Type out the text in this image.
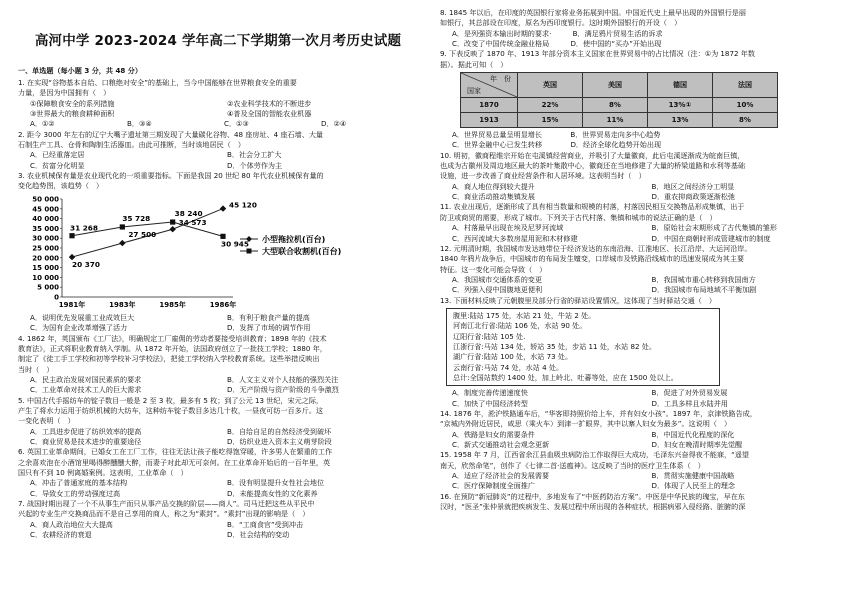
高河中学 2023-2024 学年高二下学期第一次月考历史试题
一、单选题（每小题 3 分，共 48 分）

1. 在实现“谷物基本自给、口粮绝对安全”的基础上，当今中国能够在世界粮食安全的重要

力量，是因为中国拥有（　）

①保障粮食安全的系列措施	②农业科学技术的不断进步
③世界最大的粮食耕种面积	④普及全国的智能农业机器
A．①②	B．③④	C．①③	D．②④

2. 距今 3000 年左右的辽宁大嘴子遗址第三期发现了大量碳化谷物、48 座房址、4 座石墙、大量

石制生产工具、仓骨和陶制生活器皿。由此可推断，当时该地居民（　）

A．已经重落定居	B．社会分工扩大
C．贫富分化明显	D．个体劳作为主

3. 农业机械保有量是农业现代化的一项重要指标。下面是我国 20 世纪 80 年代农业机械保有量的

变化趋势图，该趋势（　）

50 000
45 000
40 000
35 000
30 000
25 000
20 000
15 000
10 000
5 000
0
1981年	1983年	1985年	1986年
20 370
27 500
34 573
45 120
小型拖拉机(百台)
31 268
35 728
38 240
30 945
大型联合收割机(百台)
A．说明优先发展重工业成效巨大	B．有利于粮食产量的提高
C．为国有企业改革增强了活力	D．发挥了市场的调节作用

4. 1862 年，英国颁布《工厂法》，明确规定工厂雇佣的劳动者要接受培训教育；1898 年的《技术

教育法》，正式将职业教育纳入学制。从 1872 年开始，法国政府创立了一批技工学校；1880 年，

制定了《徒工手工学校和初等学校补习学校法》，把徒工学校纳入学校教育系统。这些举措反映出

当时（　）

A．民主政治发展对国民素质的要求	B．人文主义对个人技能的强烈关注
C．工业革命对技术工人的巨大需求	D．无产阶级与资产阶级的斗争激烈

5. 中国古代手摇纺车的锭子数目一般是 2 至 3 枚，最多有 5 枚；到了公元 13 世纪，宋元之际，

产生了将水力运用于纺织机械的大纺车，这种纺车锭子数目多达几十枚，一昼夜可纺一百多斤。这

一变化表明（　）

A．工具进步促进了纺织效率的提高	B．自给自足的自然经济受到破坏
C．商业贸易是技术进步的重要途径	D．纺织业进入资本主义萌芽阶段

6. 英国工业革命期间，已婚女工在工厂工作，往往无法让孩子能吃得饱穿暖，许多男人在繁重的工作

之余喜欢泡在小酒馆里喝得醉醺醺大醉，而妻子对此却无可奈何。在工业革命开始后的一百年里，英

国只有不到 10 例离婚案例。这表明，工业革命（　）

A．冲击了普通家庭的基本结构	B．没有明显提升女性社会地位
C．导致女工的劳动强度过高	D．未能提高女性的文化素养

7. 战国时期出现了一个不从事生产而只从事产品交换的阶层——商人”。司马迁把这些从平民中

兴起的专业生产交换商品而不是自己享用的商人，称之为“素封”。“素封”出现的影响是（　）

A．商人政治地位大大提高	B．“工商食官”受到冲击
C．农耕经济的衰退	D．社会结构的变动

8. 1845 年以后，在印度的英国银行家将业务拓展到中国。中国近代史上最早出现的外国银行是丽

如银行，其总部设在印度，原名为西印度银行。这时期外国银行的开设（　）

A．是列强资本输出时期的要求·　　　B．满足鸦片贸易生活的诉求
C．改变了中国传统金融业格局　　　D．使中国的“买办”开始出现

9. 下表反映了 1870 年、1913 年部分资本主义国家在世界贸易中的占比情况（注：①为 1872 年数

据）。据此可知（　）

年　份
国家	英国	美国	德国	法国
1870	22%	8%	13%①	10%
1913	15%	11%	13%	8%
A．世界贸易总量呈明显增长　　　　B．世界贸易走向多中心趋势
C．世界金融中心已发生转移　　　　D．经济全球化趋势开始出现

10. 明初，徽商程维宗开始在屯溪镇经营商业，并吸引了大量徽商，此后屯溪逐渐成为皖南巨镇，

也成为古徽州及周边地区最大的茶叶集散中心，徽商还在当地修建了大量的桥梁道路和水利等基础

设施，进一步改善了商业经营条件和人居环境。这表明当时（　）

A．商人地位得到较大提升	B．地区之间经济分工明显
C．商业活动推动集镇发展	D．重农抑商政策逐渐松弛

11. 农业出现后，逐渐形成了具有相当数量和规模的村落，村落因民相互交换物品形成集镇，出于

防卫或商贸的需要，形成了城市。下列关于古代村落、集镇和城市的说法正确的是（　）

A．村落最早出现在埃及尼罗河流域	B．原始社会末期形成了古代集镇的雏形
C．西河流域大多数房屋用泥和木材修建	D．中国在商朝时形成管建城市的制度

12. 元明清时期，我国城市发达地带位于经济发达的东南沿海、江淮地区、长江沿岸、大运河沿岸。

1840 年鸦片战争后，中国城市的布局发生嬗变，口岸城市及铁路沿线城市的迅速发展成为其主要

特征。这一变化可能会导致（　）

A．我国城市交通体系的变更	B．我国城市重心转移到我国南方
C．列强入侵中国腹地更便利	D．我国城市布局地域不平衡加剧

13. 下面材料反映了元朝腹里及部分行省的驿站设置情况，这体现了当时驿站交通（　）

腹里:陆站 175 处，水站 21 处，牛站 2 处。

河南江北行省:陆站 106 处，水站 90 处。

辽阳行省:陆站 105 处.

江浙行省:马站 134 处，轿站 35 处，步站 11 处，水站 82 处。

湖广行省:陆站 100 处，水站 73 处。

云南行省:马站 74 处，水站 4 处。

总计:全国站数约 1400 处，加上岭北、吐蕃等处，应在 1500 处以上。

A．制度完善传递速度快	B．促进了对外贸易发展
C．加快了中国经济转型	D．工具多样且水陆并用

14. 1876 年，淞沪铁路通车后，“华客即持照价给上车，并有妇女小孩”。1897 年，京津铁路告成，

“京城内外附近居民，咸思（乘火车）到津一扩眼界，其中以寨人妇女为最多”。这说明（　）

A．铁路是妇女的需要条件	B．中国近代化程度的深化
C．新式交通推动社会观念更新	D．妇女在晚清时期率先觉醒

15. 1958 年 7 月，江西省余江县血吸虫病防治工作取得巨大成功，毛泽东兴奋得夜不能寐，“遥望

南天，欣然命笔”，创作了《七律二首·送瘟神》。这反映了当时的医疗卫生体系（　）

A．适应了经济社会的发展需要	B．贯彻实施健康中国战略
C．医疗保障制度全面推广	D．体现了人民至上的理念

16. 在预防“新冠肺炎”的过程中，多地发布了“中医药防治方案”。中医是中华民族的瑰宝，早在东

汉时，“医圣”张仲景就把疾病发生、发展过程中所出现的各种症状，根据病邪入侵经路、脏腑的深
